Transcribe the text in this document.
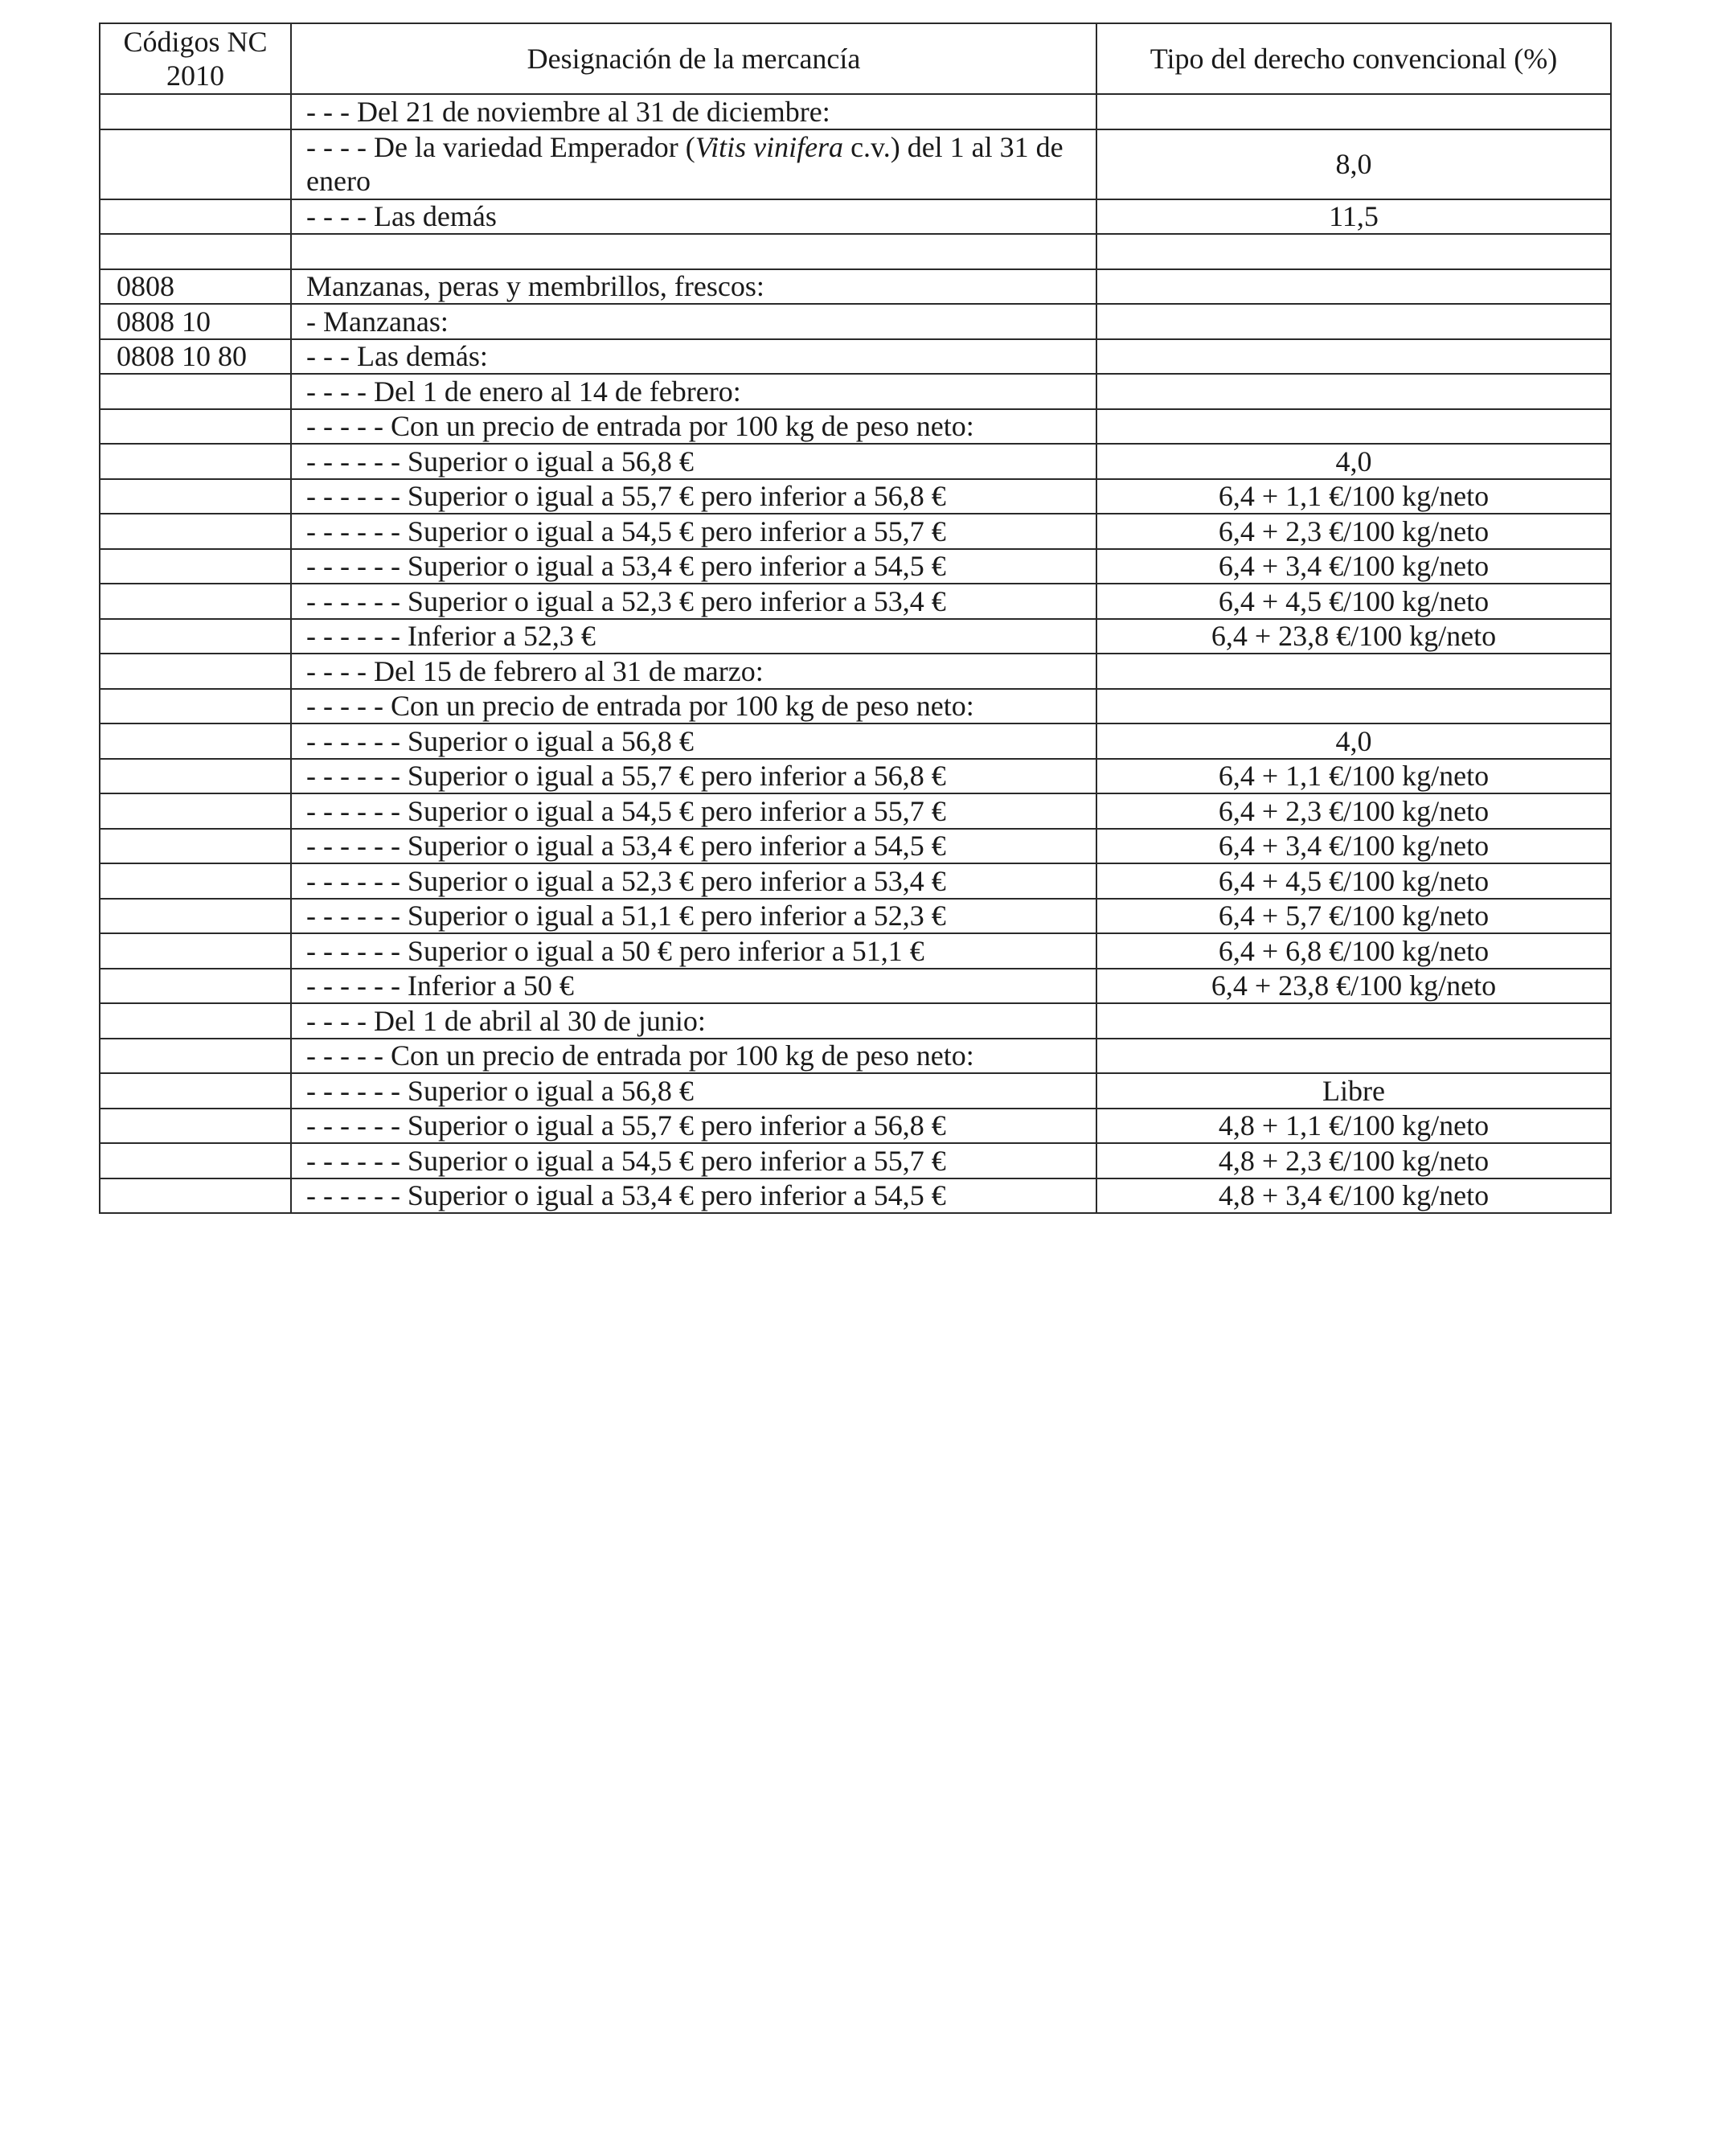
Códigos NC 2010	Designación de la mercancía	Tipo del derecho convencional (%)
	- - - Del 21 de noviembre al 31 de diciembre:	
	- - - - De la variedad Emperador (Vitis vinifera c.v.) del 1 al 31 de enero	8,0
	- - - - Las demás	11,5

0808	Manzanas, peras y membrillos, frescos:	
0808 10	- Manzanas:	
0808 10 80	- - - Las demás:	
	- - - - Del 1 de enero al 14 de febrero:	
	- - - - - Con un precio de entrada por 100 kg de peso neto:	
	- - - - - - Superior o igual a 56,8 €	4,0
	- - - - - - Superior o igual a 55,7 € pero inferior a 56,8 €	6,4 + 1,1 €/100 kg/neto
	- - - - - - Superior o igual a 54,5 € pero inferior a 55,7 €	6,4 + 2,3 €/100 kg/neto
	- - - - - - Superior o igual a 53,4 € pero inferior a 54,5 €	6,4 + 3,4 €/100 kg/neto
	- - - - - - Superior o igual a 52,3 € pero inferior a 53,4 €	6,4 + 4,5 €/100 kg/neto
	- - - - - - Inferior a 52,3 €	6,4 + 23,8 €/100 kg/neto
	- - - - Del 15 de febrero al 31 de marzo:	
	- - - - - Con un precio de entrada por 100 kg de peso neto:	
	- - - - - - Superior o igual a 56,8 €	4,0
	- - - - - - Superior o igual a 55,7 € pero inferior a 56,8 €	6,4 + 1,1 €/100 kg/neto
	- - - - - - Superior o igual a 54,5 € pero inferior a 55,7 €	6,4 + 2,3 €/100 kg/neto
	- - - - - - Superior o igual a 53,4 € pero inferior a 54,5 €	6,4 + 3,4 €/100 kg/neto
	- - - - - - Superior o igual a 52,3 € pero inferior a 53,4 €	6,4 + 4,5 €/100 kg/neto
	- - - - - - Superior o igual a 51,1 € pero inferior a 52,3 €	6,4 + 5,7 €/100 kg/neto
	- - - - - - Superior o igual a 50 € pero inferior a 51,1 €	6,4 + 6,8 €/100 kg/neto
	- - - - - - Inferior a 50 €	6,4 + 23,8 €/100 kg/neto
	- - - - Del 1 de abril al 30 de junio:	
	- - - - - Con un precio de entrada por 100 kg de peso neto:	
	- - - - - - Superior o igual a 56,8 €	Libre
	- - - - - - Superior o igual a 55,7 € pero inferior a 56,8 €	4,8 + 1,1 €/100 kg/neto
	- - - - - - Superior o igual a 54,5 € pero inferior a 55,7 €	4,8 + 2,3 €/100 kg/neto
	- - - - - - Superior o igual a 53,4 € pero inferior a 54,5 €	4,8 + 3,4 €/100 kg/neto
